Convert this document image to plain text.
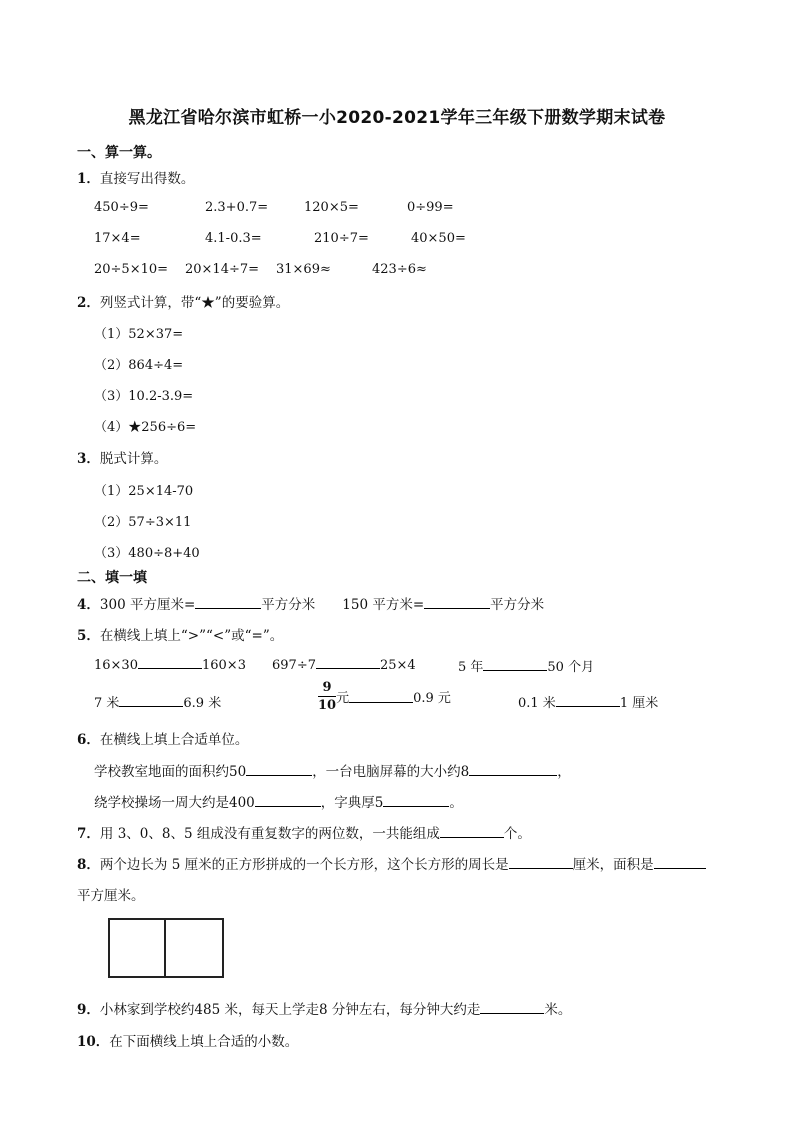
黑龙江省哈尔滨市虹桥一小2020-2021学年三年级下册数学期末试卷
一、算一算。
1．直接写出得数。
450÷9=	2.3+0.7=	120×5=	0÷99=
17×4=	4.1-0.3=	210÷7=	40×50=
20÷5×10= 20×14÷7= 31×69≈	423÷6≈
2．列竖式计算，带“★”的要验算。
（1）52×37=
（2）864÷4=
（3）10.2-3.9=
（4）★256÷6=
3．脱式计算。
（1）25×14-70
（2）57÷3×11
（3）480÷8+40
二、填一填
4．300 平方厘米=	平方分米 150 平方米=	平方分米
5．在横线上填上“>”“<”或“=”。
16×30	160×3 697÷7	25×4	5 年	50 个月
7 米	6.9 米	$\frac{9}{10}$ 元	0.9 元	0.1 米	1 厘米
6．在横线上填上合适单位。
学校教室地面的面积约50	，一台电脑屏幕的大小约8	，
绕学校操场一周大约是400	，字典厚5	。
7．用 3、0、8、5 组成没有重复数字的两位数，一共能组成	个。
8．两个边长为 5 厘米的正方形拼成的一个长方形，这个长方形的周长是	厘米，面积是
平方厘米。
9．小林家到学校约485 米，每天上学走8 分钟左右，每分钟大约走	米。
10．在下面横线上填上合适的小数。
